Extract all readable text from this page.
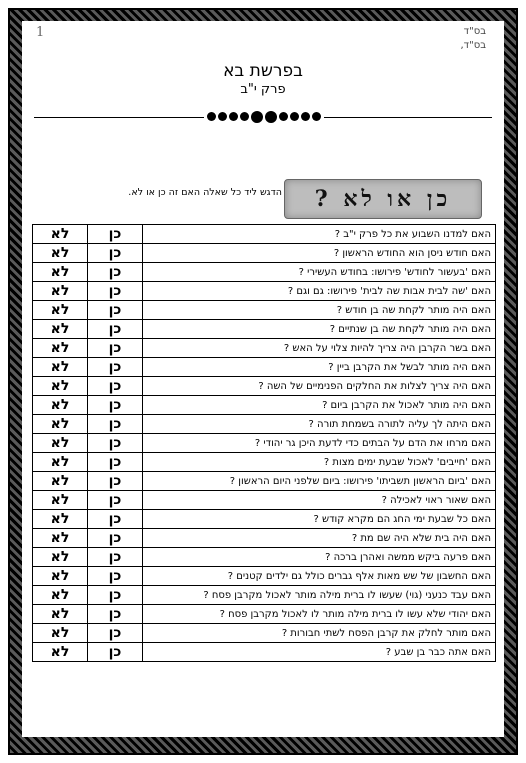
1	בס"ד
בס"ד,
בפרשת בא
פרק י"ב
כן או לא ?
הדגש ליד כל שאלה האם זה כן או לא.
האם למדנו השבוע את כל פרק י"ב ?	כן	לא
האם חודש ניסן הוא החודש הראשון ?	כן	לא
האם 'בעשור לחודש' פירושו: בחודש העשירי ?	כן	לא
האם 'שה לבית אבות שה לבית' פירושו: גם וגם ?	כן	לא
האם היה מותר לקחת שה בן חודש ?	כן	לא
האם היה מותר לקחת שה בן שנתיים ?	כן	לא
האם בשר הקרבן היה צריך להיות צלוי על האש ?	כן	לא
האם היה מותר לבשל את הקרבן ביין ?	כן	לא
האם היה צריך לצלות את החלקים הפנימיים של השה ?	כן	לא
האם היה מותר לאכול את הקרבן ביום ?	כן	לא
האם היתה לך עליה לתורה בשמחת תורה ?	כן	לא
האם מרחו את הדם על הבתים כדי לדעת היכן גר יהודי ?	כן	לא
האם 'חייבים' לאכול שבעת ימים מצות ?	כן	לא
האם 'ביום הראשון תשביתו' פירושו: ביום שלפני היום הראשון ?	כן	לא
האם שאור ראוי לאכילה ?	כן	לא
האם כל שבעת ימי החג הם מקרא קודש ?	כן	לא
האם היה בית שלא היה שם מת ?	כן	לא
האם פרעה ביקש ממשה ואהרן ברכה ?	כן	לא
האם החשבון של שש מאות אלף גברים כולל גם ילדים קטנים ?	כן	לא
האם עבד כנעני (גוי) שעשו לו ברית מילה מותר לאכול מקרבן פסח ?	כן	לא
האם יהודי שלא עשו לו ברית מילה מותר לו לאכול מקרבן פסח ?	כן	לא
האם מותר לחלק את קרבן הפסח לשתי חבורות ?	כן	לא
האם אתה כבר בן שבע ?	כן	לא
